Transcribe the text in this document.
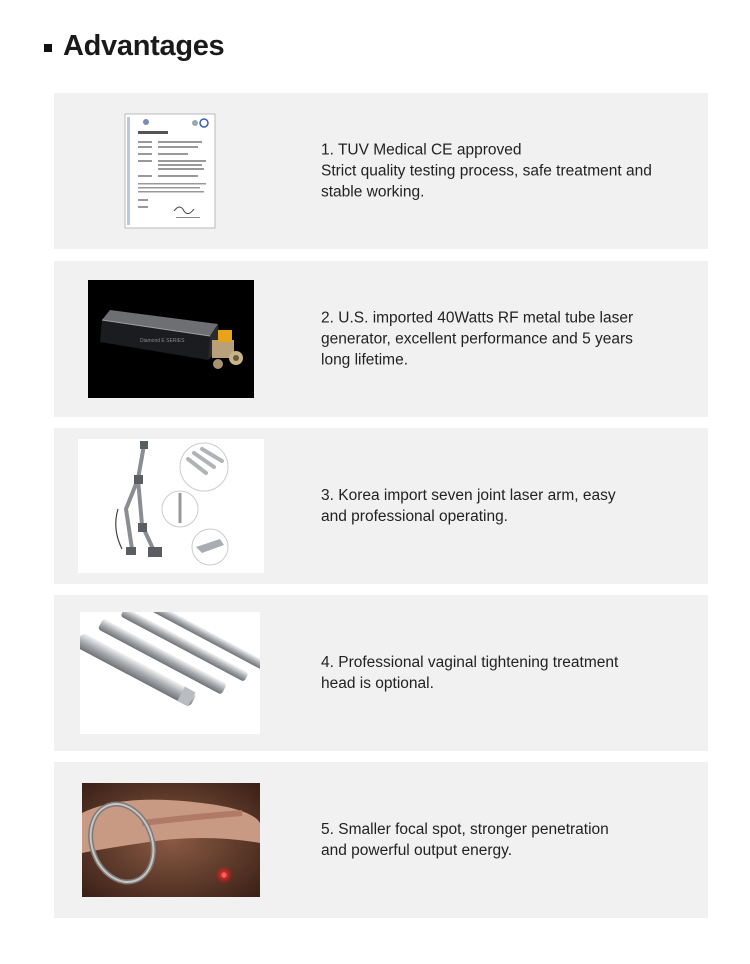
Advantages
1. TUV Medical CE approved
Strict quality testing process, safe treatment and
stable working.
Diamond E SERIES
2. U.S. imported 40Watts RF metal tube laser
generator, excellent performance and 5 years
long lifetime.
3. Korea import seven joint laser arm, easy
and professional operating.
4. Professional vaginal tightening treatment
head is optional.
5. Smaller focal spot, stronger penetration
and powerful output energy.
